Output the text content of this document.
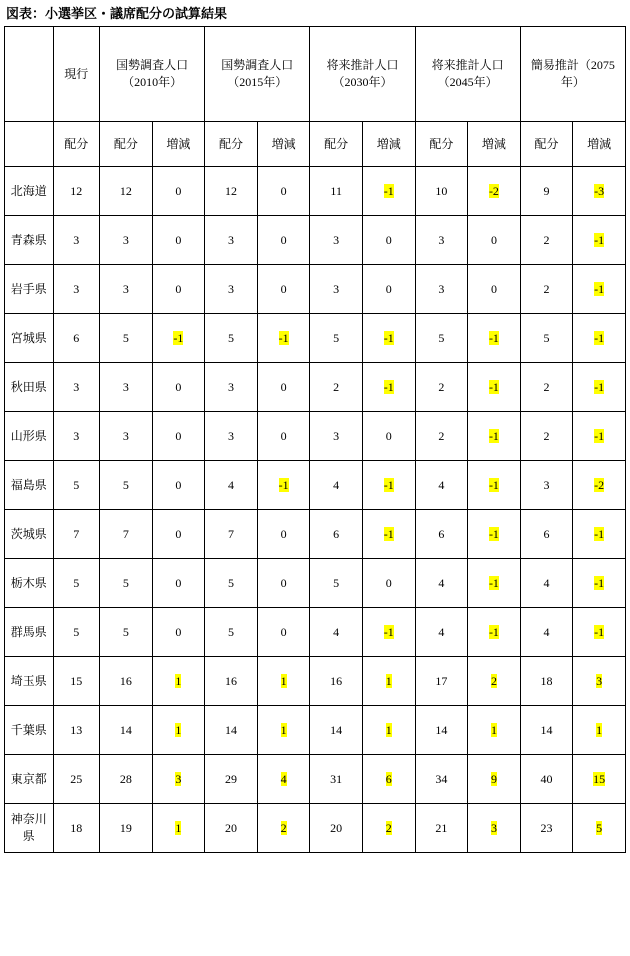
図表：小選挙区・議席配分の試算結果
	現行	国勢調査人口（2010年）		国勢調査人口（2015年）		将来推計人口（2030年）		将来推計人口（2045年）		簡易推計（2075年）	
	配分	配分	増減	配分	増減	配分	増減	配分	増減	配分	増減
北海道	12	12	0	12	0	11	-1	10	-2	9	-3
青森県	3	3	0	3	0	3	0	3	0	2	-1
岩手県	3	3	0	3	0	3	0	3	0	2	-1
宮城県	6	5	-1	5	-1	5	-1	5	-1	5	-1
秋田県	3	3	0	3	0	2	-1	2	-1	2	-1
山形県	3	3	0	3	0	3	0	2	-1	2	-1
福島県	5	5	0	4	-1	4	-1	4	-1	3	-2
茨城県	7	7	0	7	0	6	-1	6	-1	6	-1
栃木県	5	5	0	5	0	5	0	4	-1	4	-1
群馬県	5	5	0	5	0	4	-1	4	-1	4	-1
埼玉県	15	16	1	16	1	16	1	17	2	18	3
千葉県	13	14	1	14	1	14	1	14	1	14	1
東京都	25	28	3	29	4	31	6	34	9	40	15
神奈川県	18	19	1	20	2	20	2	21	3	23	5
